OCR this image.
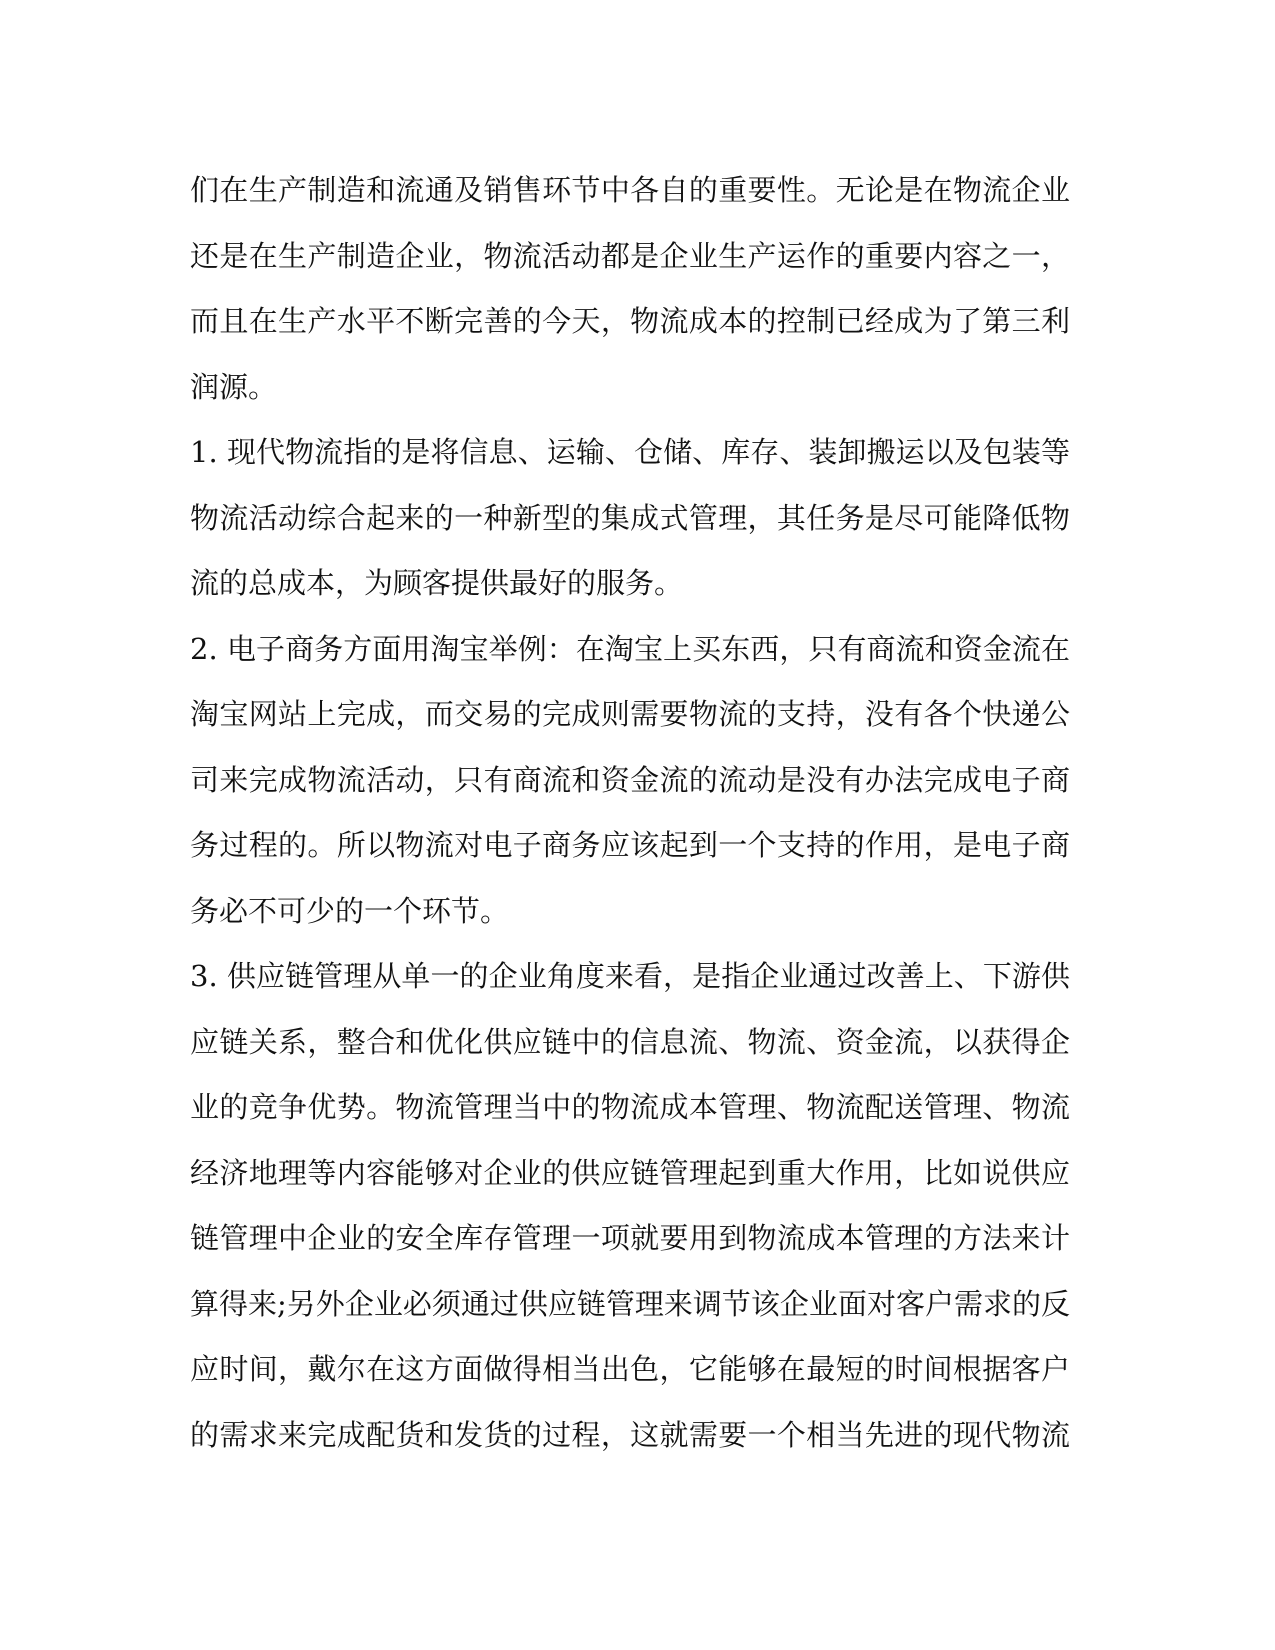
们在生产制造和流通及销售环节中各自的重要性。无论是在物流企业
还是在生产制造企业，物流活动都是企业生产运作的重要内容之一，
而且在生产水平不断完善的今天，物流成本的控制已经成为了第三利
润源。
1. 现代物流指的是将信息、运输、仓储、库存、装卸搬运以及包装等
物流活动综合起来的一种新型的集成式管理，其任务是尽可能降低物
流的总成本，为顾客提供最好的服务。
2. 电子商务方面用淘宝举例：在淘宝上买东西，只有商流和资金流在
淘宝网站上完成，而交易的完成则需要物流的支持，没有各个快递公
司来完成物流活动，只有商流和资金流的流动是没有办法完成电子商
务过程的。所以物流对电子商务应该起到一个支持的作用，是电子商
务必不可少的一个环节。
3. 供应链管理从单一的企业角度来看，是指企业通过改善上、下游供
应链关系，整合和优化供应链中的信息流、物流、资金流，以获得企
业的竞争优势。物流管理当中的物流成本管理、物流配送管理、物流
经济地理等内容能够对企业的供应链管理起到重大作用，比如说供应
链管理中企业的安全库存管理一项就要用到物流成本管理的方法来计
算得来;另外企业必须通过供应链管理来调节该企业面对客户需求的反
应时间，戴尔在这方面做得相当出色，它能够在最短的时间根据客户
的需求来完成配货和发货的过程，这就需要一个相当先进的现代物流
